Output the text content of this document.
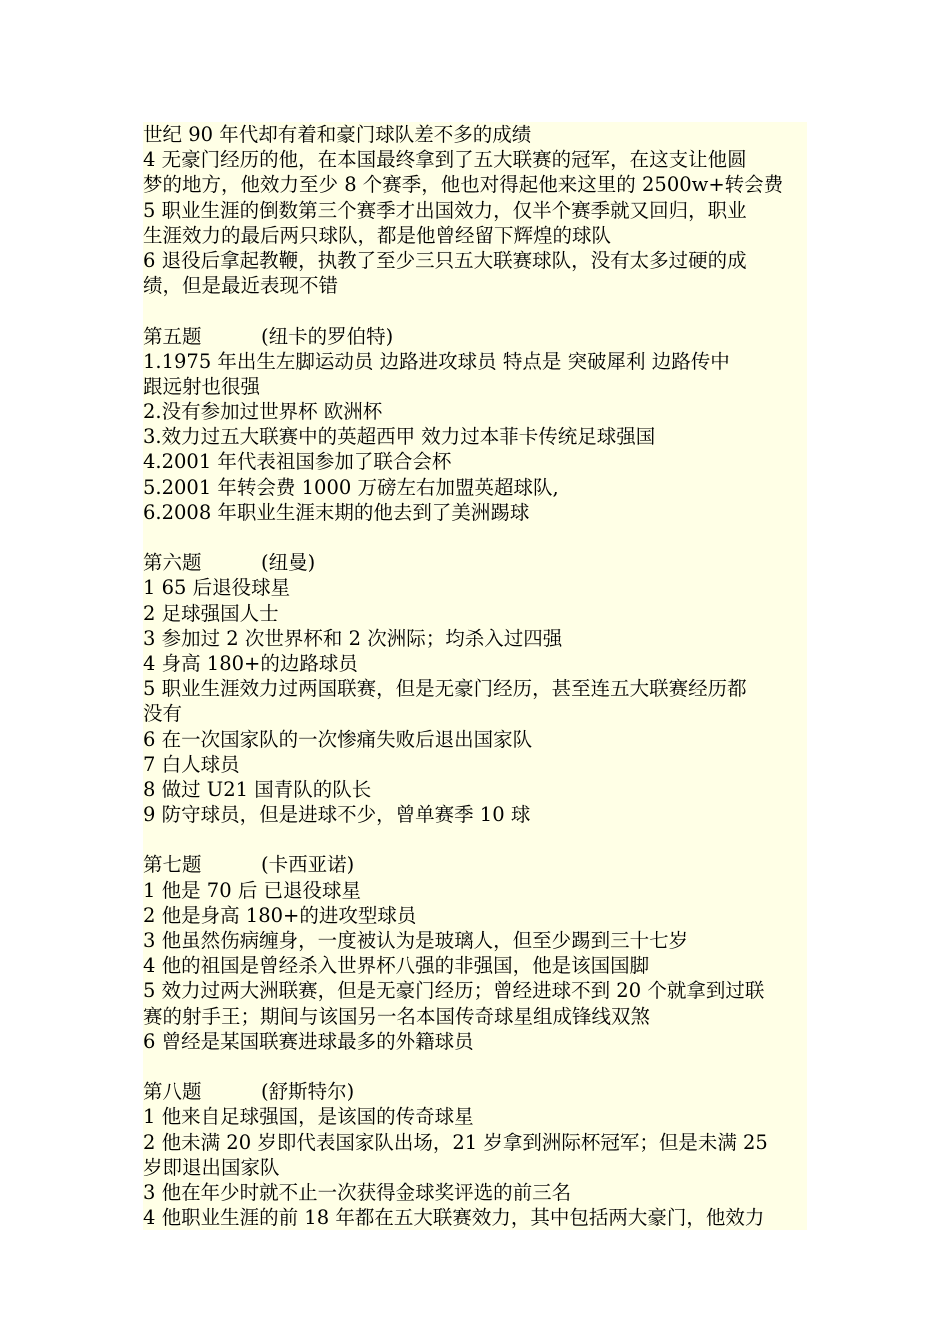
世纪 90 年代却有着和豪门球队差不多的成绩
4 无豪门经历的他，在本国最终拿到了五大联赛的冠军，在这支让他圆
梦的地方，他效力至少 8 个赛季，他也对得起他来这里的 2500w+转会费
5 职业生涯的倒数第三个赛季才出国效力，仅半个赛季就又回归，职业
生涯效力的最后两只球队，都是他曾经留下辉煌的球队
6 退役后拿起教鞭，执教了至少三只五大联赛球队，没有太多过硬的成
绩，但是最近表现不错
第五题	(纽卡的罗伯特)
1.1975 年出生左脚运动员 边路进攻球员 特点是 突破犀利 边路传中
跟远射也很强
2.没有参加过世界杯 欧洲杯
3.效力过五大联赛中的英超西甲 效力过本菲卡传统足球强国
4.2001 年代表祖国参加了联合会杯
5.2001 年转会费 1000 万磅左右加盟英超球队,
6.2008 年职业生涯末期的他去到了美洲踢球
第六题	(纽曼)
1 65 后退役球星
2 足球强国人士
3 参加过 2 次世界杯和 2 次洲际；均杀入过四强
4 身高 180+的边路球员
5 职业生涯效力过两国联赛，但是无豪门经历，甚至连五大联赛经历都
没有
6 在一次国家队的一次惨痛失败后退出国家队
7 白人球员
8 做过 U21 国青队的队长
9 防守球员，但是进球不少，曾单赛季 10 球
第七题	(卡西亚诺)
1 他是 70 后 已退役球星
2 他是身高 180+的进攻型球员
3 他虽然伤病缠身，一度被认为是玻璃人，但至少踢到三十七岁
4 他的祖国是曾经杀入世界杯八强的非强国，他是该国国脚
5 效力过两大洲联赛，但是无豪门经历；曾经进球不到 20 个就拿到过联
赛的射手王；期间与该国另一名本国传奇球星组成锋线双煞
6 曾经是某国联赛进球最多的外籍球员
第八题	(舒斯特尔)
1 他来自足球强国，是该国的传奇球星
2 他未满 20 岁即代表国家队出场，21 岁拿到洲际杯冠军；但是未满 25
岁即退出国家队
3 他在年少时就不止一次获得金球奖评选的前三名
4 他职业生涯的前 18 年都在五大联赛效力，其中包括两大豪门，他效力
